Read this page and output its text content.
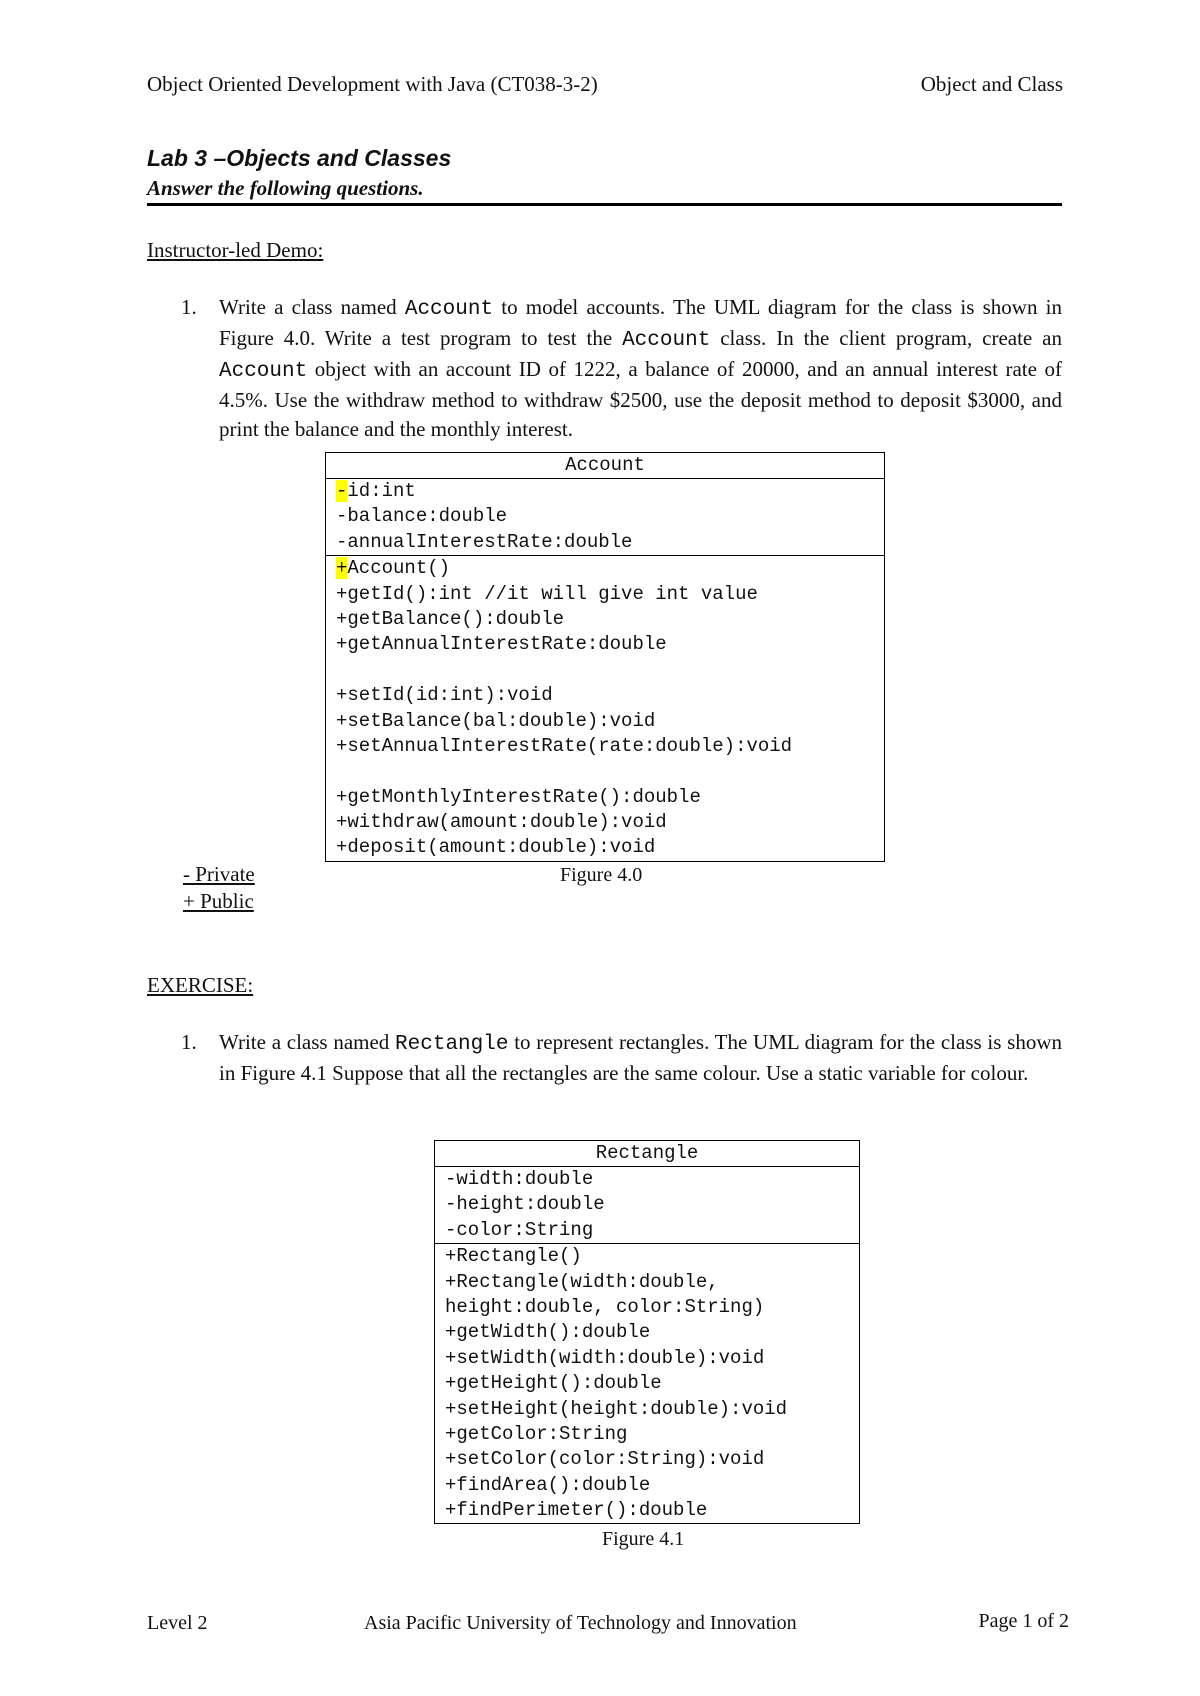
Object Oriented Development with Java (CT038-3-2)	Object and Class
Lab 3 –Objects and Classes
Answer the following questions.
Instructor-led Demo:
1. Write a class named Account to model accounts. The UML diagram for the class is shown in Figure 4.0. Write a test program to test the Account class. In the client program, create an Account object with an account ID of 1222, a balance of 20000, and an annual interest rate of 4.5%. Use the withdraw method to withdraw $2500, use the deposit method to deposit $3000, and print the balance and the monthly interest.
Account
-id:int
-balance:double
-annualInterestRate:double
+Account()
+getId():int //it will give int value
+getBalance():double
+getAnnualInterestRate:double
+setId(id:int):void
+setBalance(bal:double):void
+setAnnualInterestRate(rate:double):void
+getMonthlyInterestRate():double
+withdraw(amount:double):void
+deposit(amount:double):void
- Private
+ Public
Figure 4.0
EXERCISE:
1. Write a class named Rectangle to represent rectangles. The UML diagram for the class is shown in Figure 4.1 Suppose that all the rectangles are the same colour. Use a static variable for colour.
Rectangle
-width:double
-height:double
-color:String
+Rectangle()
+Rectangle(width:double,
height:double, color:String)
+getWidth():double
+setWidth(width:double):void
+getHeight():double
+setHeight(height:double):void
+getColor:String
+setColor(color:String):void
+findArea():double
+findPerimeter():double
Figure 4.1
Level 2	Asia Pacific University of Technology and Innovation	Page 1 of 2
